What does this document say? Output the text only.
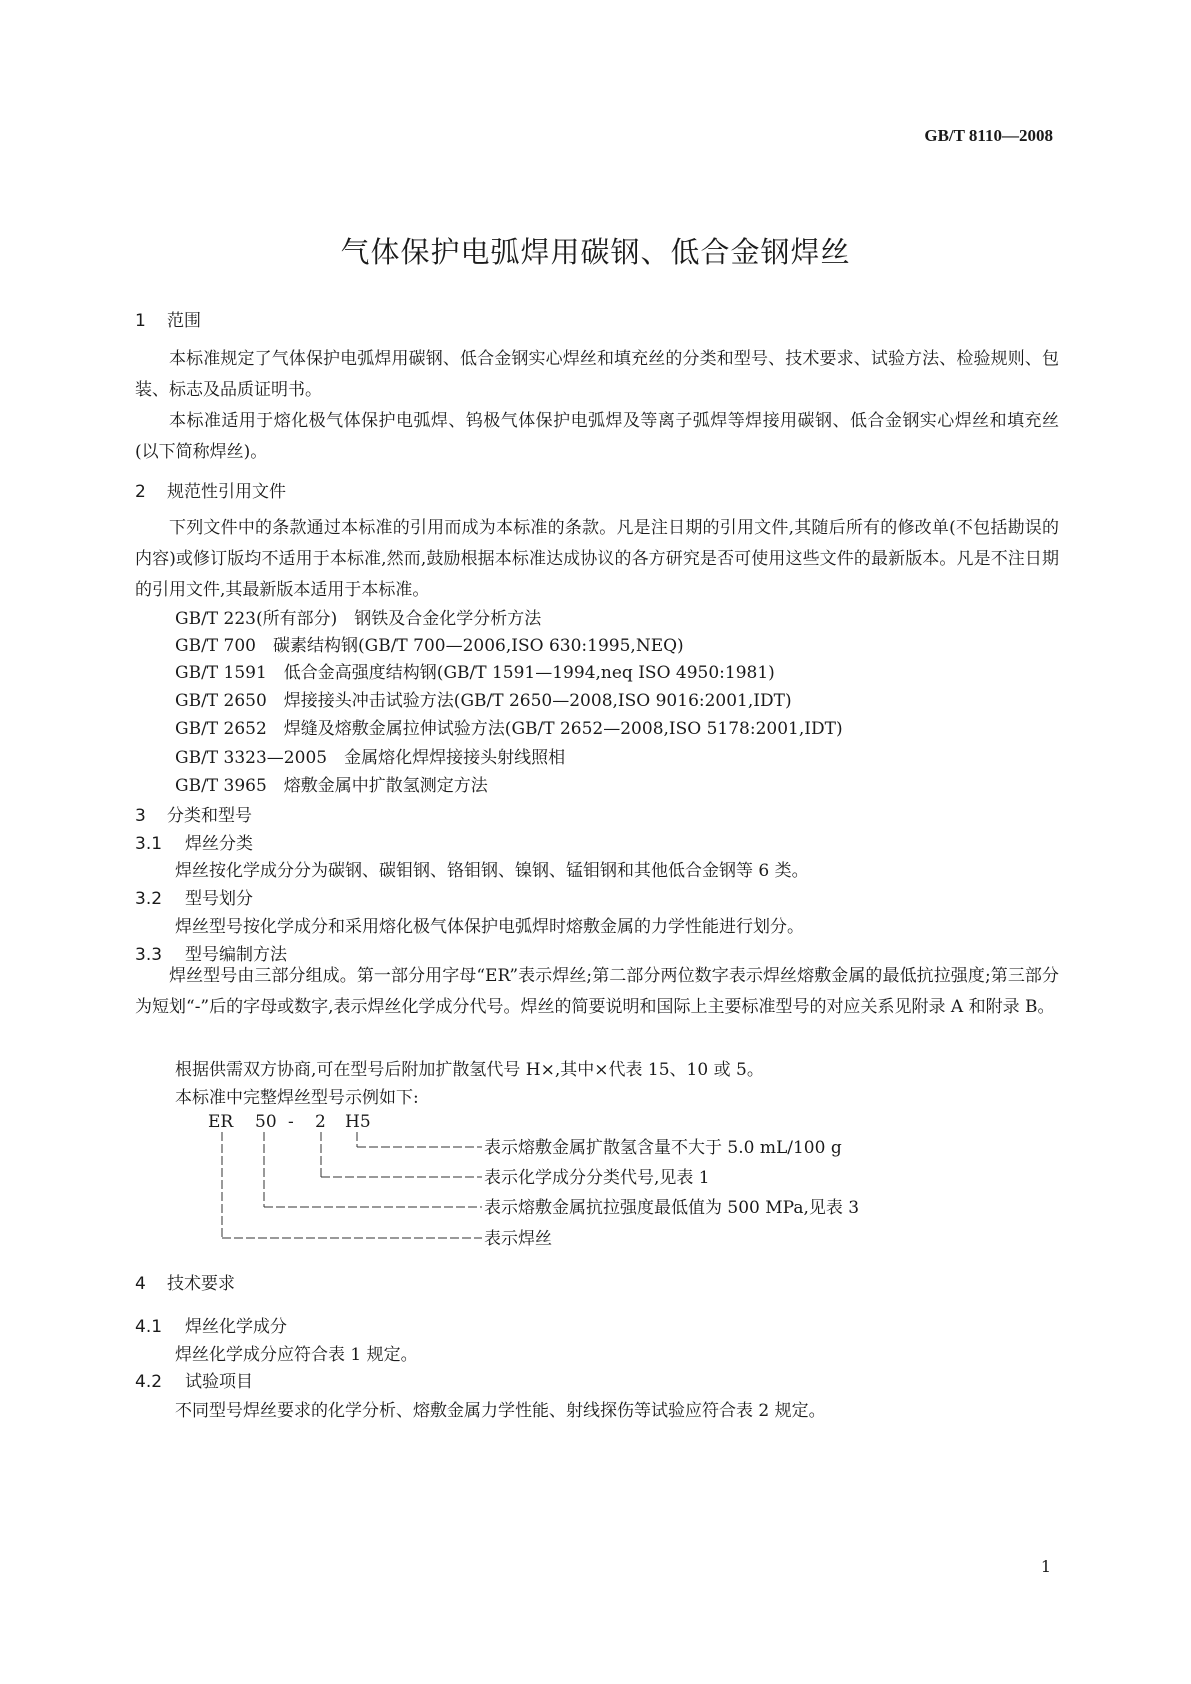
GB/T 8110—2008
气体保护电弧焊用碳钢、低合金钢焊丝
1 范围
本标准规定了气体保护电弧焊用碳钢、低合金钢实心焊丝和填充丝的分类和型号、技术要求、试验方法、检验规则、包装、标志及品质证明书。
本标准适用于熔化极气体保护电弧焊、钨极气体保护电弧焊及等离子弧焊等焊接用碳钢、低合金钢实心焊丝和填充丝(以下简称焊丝)。
2 规范性引用文件
下列文件中的条款通过本标准的引用而成为本标准的条款。凡是注日期的引用文件,其随后所有的修改单(不包括勘误的内容)或修订版均不适用于本标准,然而,鼓励根据本标准达成协议的各方研究是否可使用这些文件的最新版本。凡是不注日期的引用文件,其最新版本适用于本标准。
GB/T 223(所有部分)　钢铁及合金化学分析方法
GB/T 700　碳素结构钢(GB/T 700—2006,ISO 630:1995,NEQ)
GB/T 1591　低合金高强度结构钢(GB/T 1591—1994,neq ISO 4950:1981)
GB/T 2650　焊接接头冲击试验方法(GB/T 2650—2008,ISO 9016:2001,IDT)
GB/T 2652　焊缝及熔敷金属拉伸试验方法(GB/T 2652—2008,ISO 5178:2001,IDT)
GB/T 3323—2005　金属熔化焊焊接接头射线照相
GB/T 3965　熔敷金属中扩散氢测定方法
3 分类和型号
3.1 焊丝分类
焊丝按化学成分分为碳钢、碳钼钢、铬钼钢、镍钢、锰钼钢和其他低合金钢等 6 类。
3.2 型号划分
焊丝型号按化学成分和采用熔化极气体保护电弧焊时熔敷金属的力学性能进行划分。
3.3 型号编制方法
焊丝型号由三部分组成。第一部分用字母“ER”表示焊丝;第二部分两位数字表示焊丝熔敷金属的最低抗拉强度;第三部分为短划“-”后的字母或数字,表示焊丝化学成分代号。焊丝的简要说明和国际上主要标准型号的对应关系见附录 A 和附录 B。
根据供需双方协商,可在型号后附加扩散氢代号 H×,其中×代表 15、10 或 5。
本标准中完整焊丝型号示例如下:
ER 50 - 2 H5
表示熔敷金属扩散氢含量不大于 5.0 mL/100 g
表示化学成分分类代号,见表 1
表示熔敷金属抗拉强度最低值为 500 MPa,见表 3
表示焊丝
4 技术要求
4.1 焊丝化学成分
焊丝化学成分应符合表 1 规定。
4.2 试验项目
不同型号焊丝要求的化学分析、熔敷金属力学性能、射线探伤等试验应符合表 2 规定。
1
